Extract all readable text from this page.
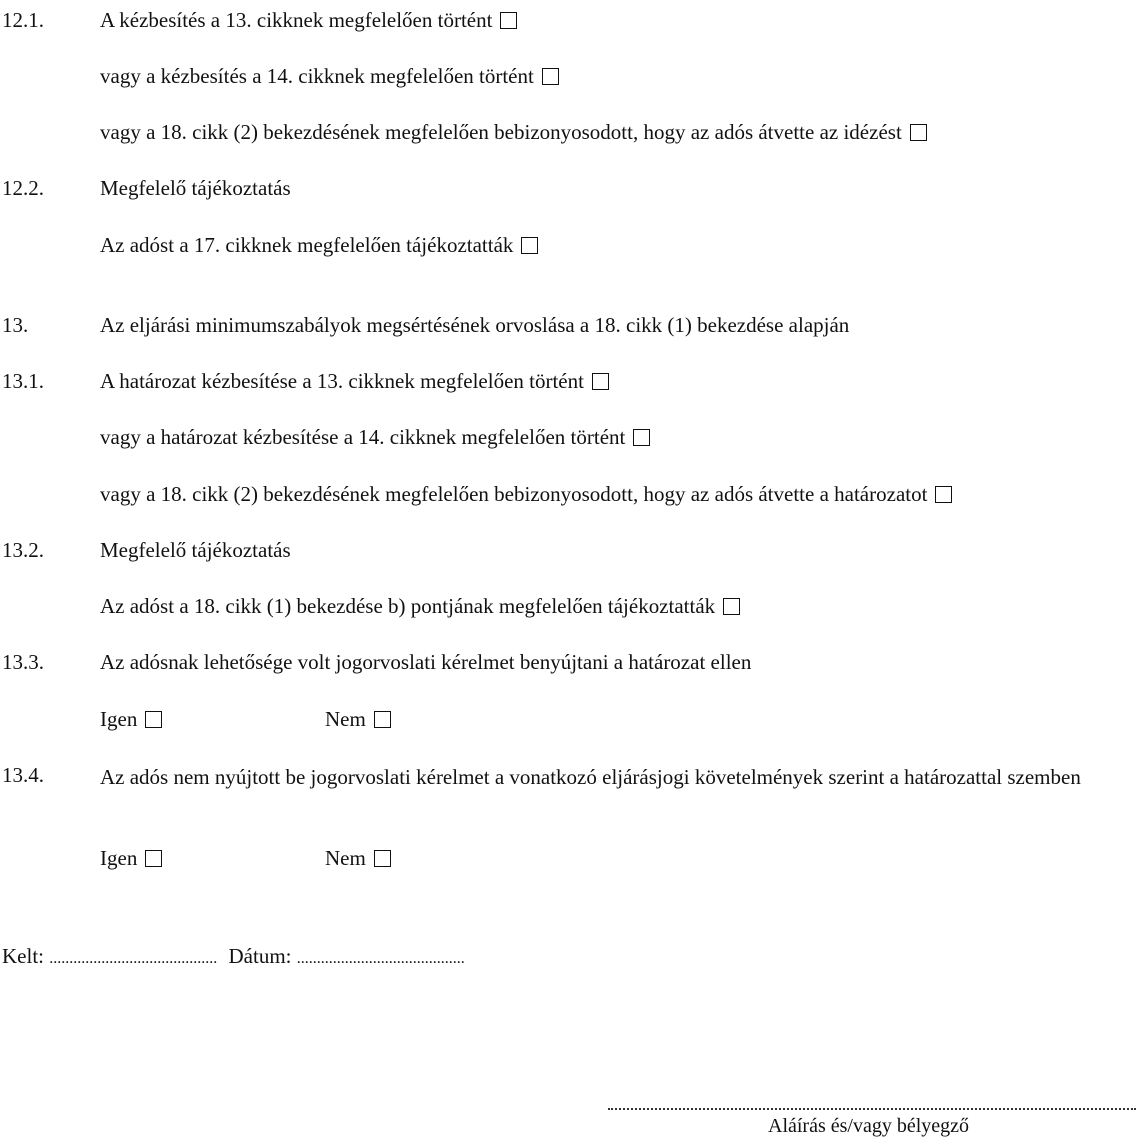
12.1.	A kézbesítés a 13. cikknek megfelelően történt
vagy a kézbesítés a 14. cikknek megfelelően történt
vagy a 18. cikk (2) bekezdésének megfelelően bebizonyosodott, hogy az adós átvette az idézést
12.2.	Megfelelő tájékoztatás
Az adóst a 17. cikknek megfelelően tájékoztatták
13.	Az eljárási minimumszabályok megsértésének orvoslása a 18. cikk (1) bekezdése alapján
13.1.	A határozat kézbesítése a 13. cikknek megfelelően történt
vagy a határozat kézbesítése a 14. cikknek megfelelően történt
vagy a 18. cikk (2) bekezdésének megfelelően bebizonyosodott, hogy az adós átvette a határozatot
13.2.	Megfelelő tájékoztatás
Az adóst a 18. cikk (1) bekezdése b) pontjának megfelelően tájékoztatták
13.3.	Az adósnak lehetősége volt jogorvoslati kérelmet benyújtani a határozat ellen
Igen	Nem
13.4.	Az adós nem nyújtott be jogorvoslati kérelmet a vonatkozó eljárásjogi követelmények szerint a határozattal szemben
Igen	Nem
Kelt: .......................................... Dátum: ..........................................
Aláírás és/vagy bélyegző
